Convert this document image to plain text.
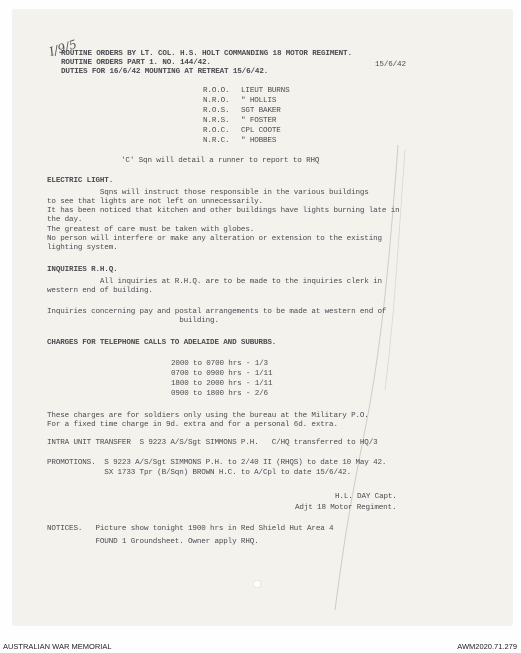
I/9/5

ROUTINE ORDERS BY LT. COL. H.S. HOLT COMMANDING 18 MOTOR REGIMENT.

ROUTINE ORDERS PART 1. NO. 144/42.	15/6/42

DUTIES FOR 16/6/42 MOUNTING AT RETREAT 15/6/42.

R.O.O. LIEUT BURNS

N.R.O. " HOLLIS

R.O.S. SGT BAKER

N.R.S. " FOSTER

R.O.C. CPL COOTE

N.R.C. " HOBBES

'C' Sqn will detail a runner to report to RHQ

ELECTRIC LIGHT.

Sqns will instruct those responsible in the various buildings

to see that lights are not left on unnecessarily.

It has been noticed that kitchen and other buildings have lights burning late in

the day.

The greatest of care must be taken with globes.

No person will interfere or make any alteration or extension to the existing

lighting system.

INQUIRIES R.H.Q.

All inquiries at R.H.Q. are to be made to the inquiries clerk in

western end of building.

Inquiries concerning pay and postal arrangements to be made at western end of

building.

CHARGES FOR TELEPHONE CALLS TO ADELAIDE AND SUBURBS.

2000 to 0700 hrs - 1/3

0700 to 0900 hrs - 1/11

1800 to 2000 hrs - 1/11

0900 to 1800 hrs - 2/6

These charges are for soldiers only using the bureau at the Military P.O.

For a fixed time charge in 9d. extra and for a personal 6d. extra.

INTRA UNIT TRANSFER  S 9223 A/S/Sgt SIMMONS P.H.   C/HQ transferred to HQ/3

PROMOTIONS.  S 9223 A/S/Sgt SIMMONS P.H. to 2/40 II (RHQS) to date 10 May 42.

SX 1733 Tpr (B/Sqn) BROWN H.C. to A/Cpl to date 15/6/42.

H.L. DAY Capt.

Adjt 18 Motor Regiment.

NOTICES.   Picture show tonight 1900 hrs in Red Shield Hut Area 4

FOUND 1 Groundsheet. Owner apply RHQ.

AUSTRALIAN WAR MEMORIAL	AWM2020.71.279
